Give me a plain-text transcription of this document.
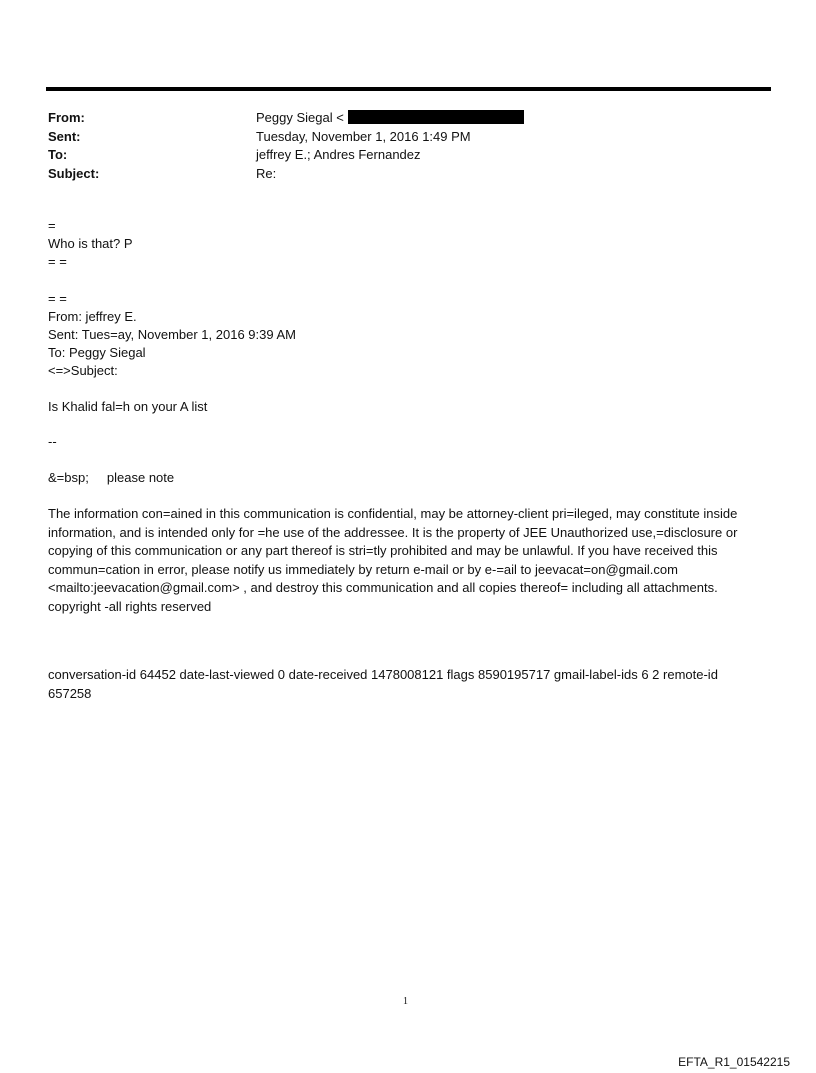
From:	Peggy Siegal <
Sent:	Tuesday, November 1, 2016 1:49 PM
To:	jeffrey E.; Andres Fernandez
Subject:	Re:
=
Who is that? P
= =
= =
From: jeffrey E.
Sent: Tues=ay, November 1, 2016 9:39 AM
To: Peggy Siegal
<=>Subject:
Is Khalid fal=h on your A list
--
&=bsp;     please note
The information con=ained in this communication is confidential, may be attorney-client pri=ileged, may constitute inside information, and is intended only for =he use of the addressee. It is the property of JEE Unauthorized use,=disclosure or copying of this communication or any part thereof is stri=tly prohibited and may be unlawful. If you have received this commun=cation in error, please notify us immediately by return e-mail or by e-=ail to jeevacat=on@gmail.com <mailto:jeevacation@gmail.com> , and destroy this communication and all copies thereof= including all attachments. copyright -all rights reserved
conversation-id 64452 date-last-viewed 0 date-received 1478008121 flags 8590195717 gmail-label-ids 6 2 remote-id 657258
1
EFTA_R1_01542215
